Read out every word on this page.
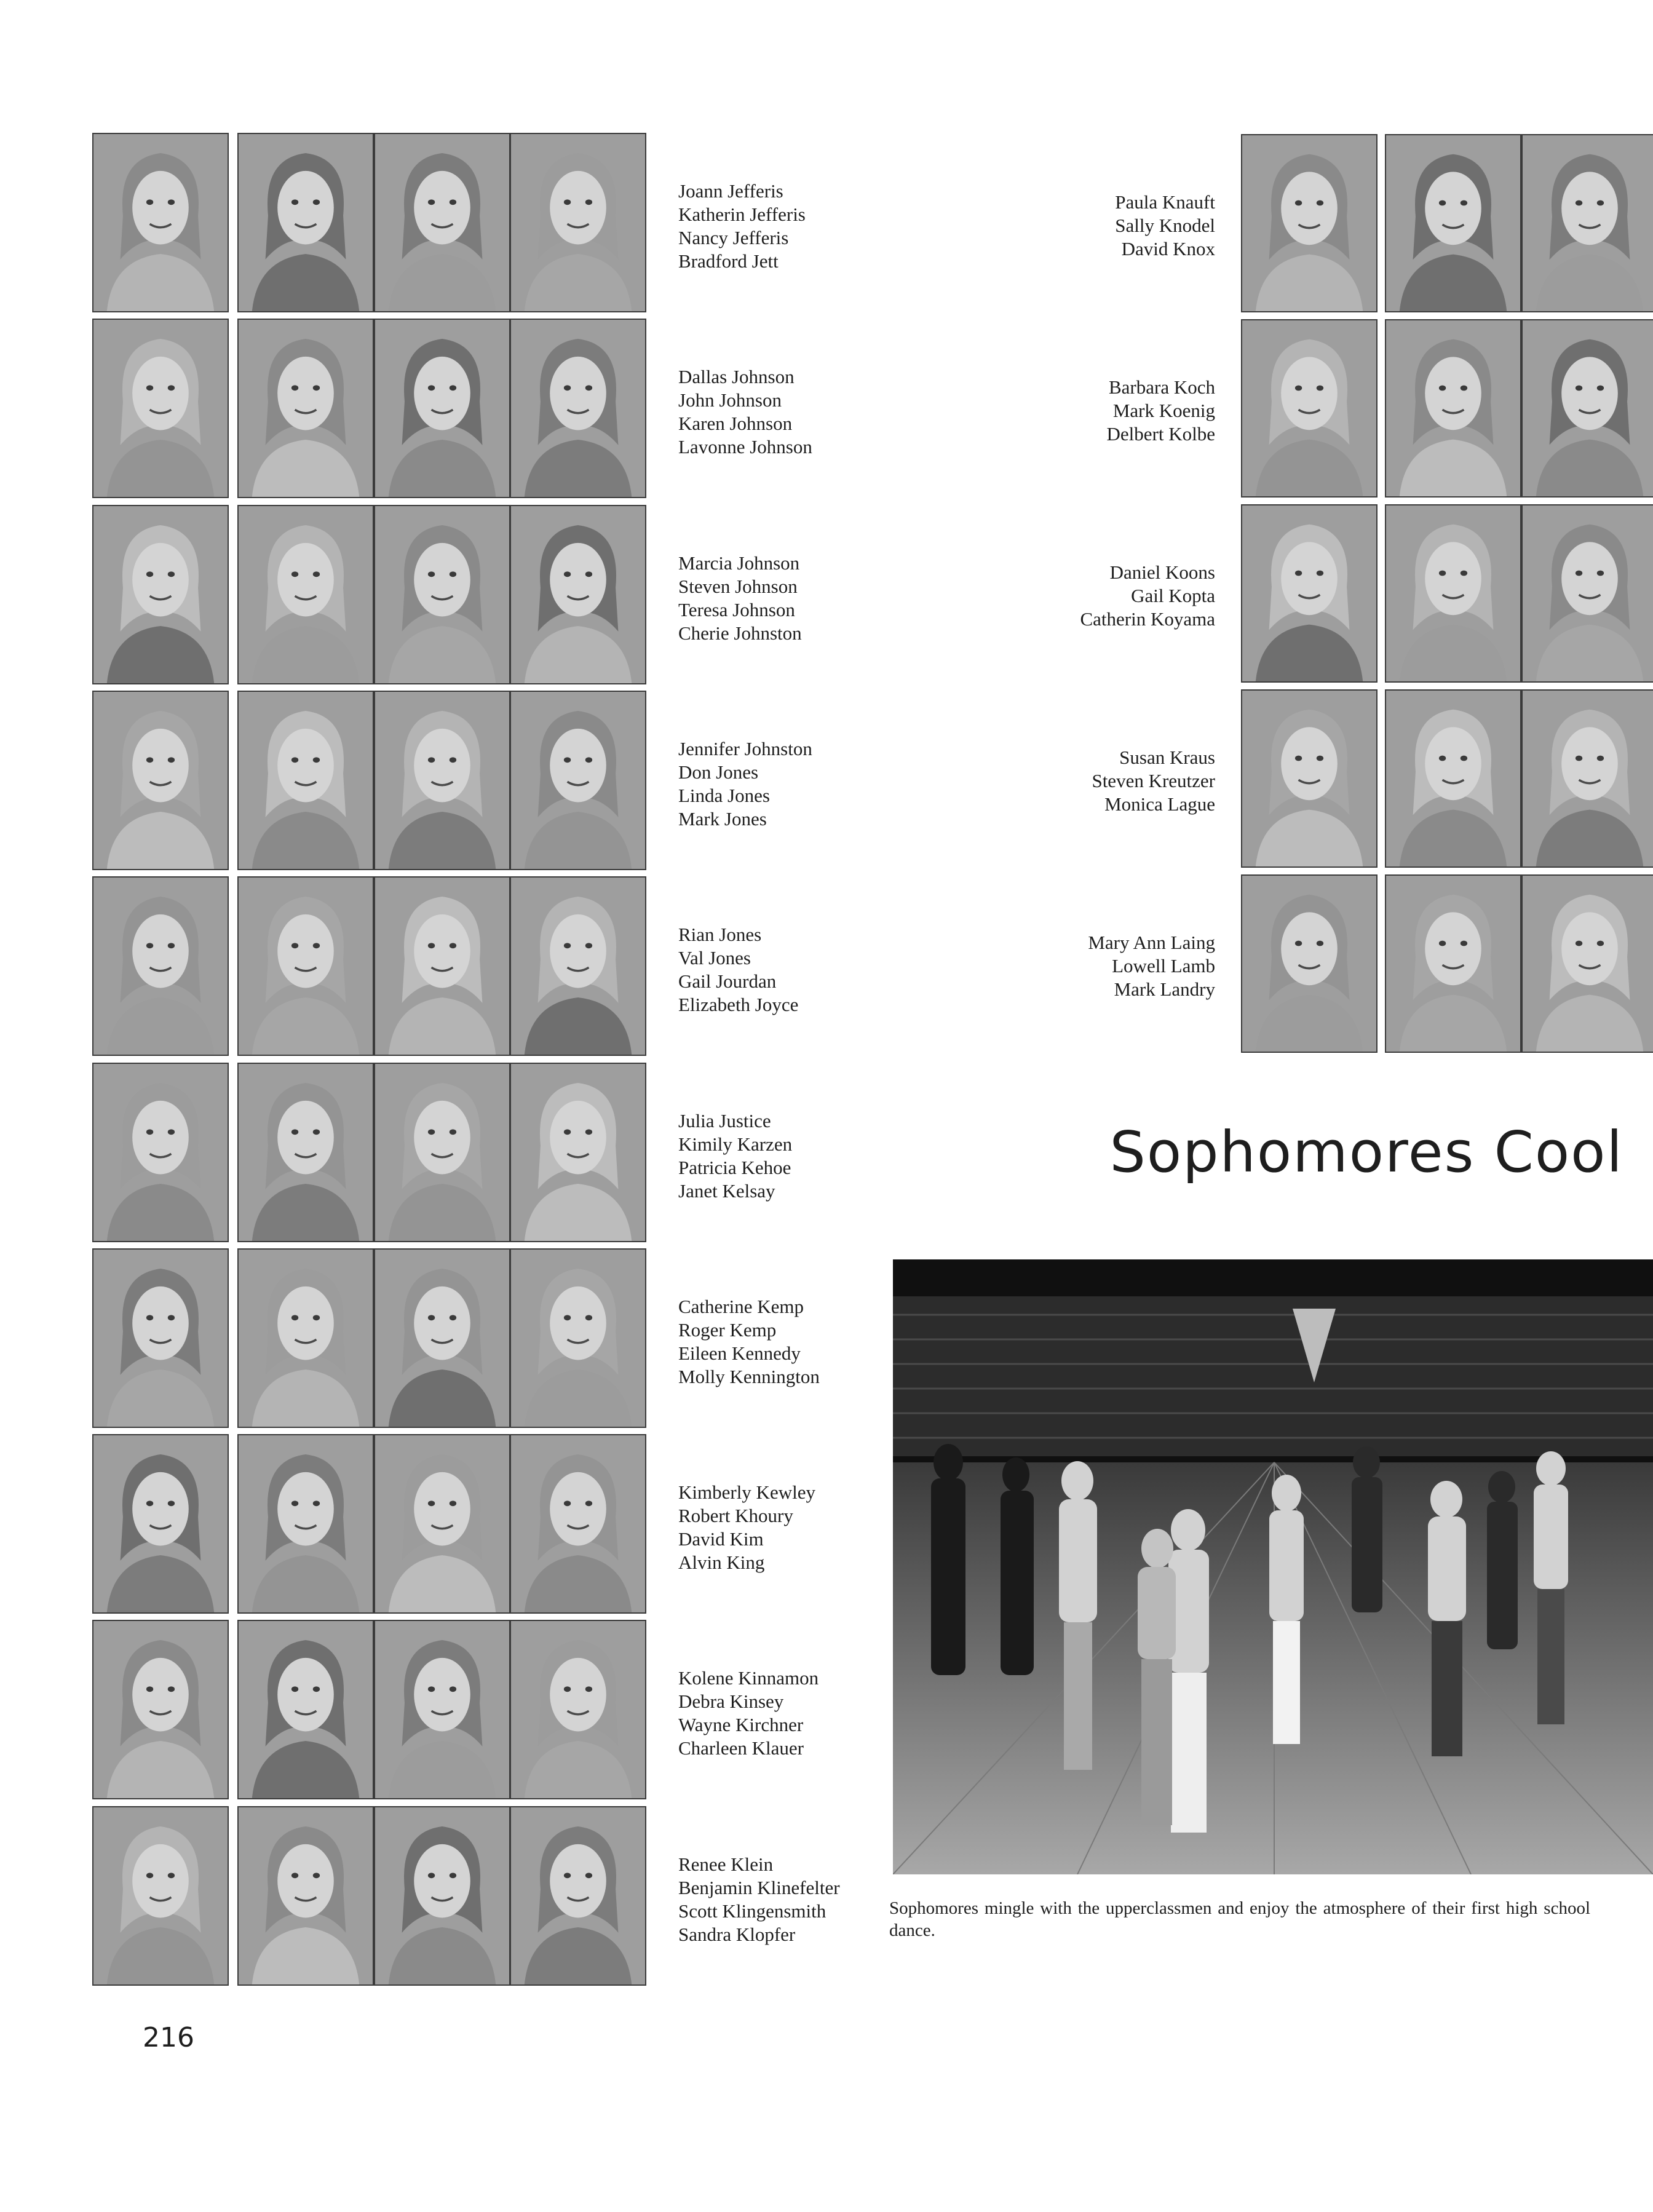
Joann Jefferis
Katherin Jefferis
Nancy Jefferis
Bradford Jett
Dallas Johnson
John Johnson
Karen Johnson
Lavonne Johnson
Marcia Johnson
Steven Johnson
Teresa Johnson
Cherie Johnston
Jennifer Johnston
Don Jones
Linda Jones
Mark Jones
Rian Jones
Val Jones
Gail Jourdan
Elizabeth Joyce
Julia Justice
Kimily Karzen
Patricia Kehoe
Janet Kelsay
Catherine Kemp
Roger Kemp
Eileen Kennedy
Molly Kennington
Kimberly Kewley
Robert Khoury
David Kim
Alvin King
Kolene Kinnamon
Debra Kinsey
Wayne Kirchner
Charleen Klauer
Renee Klein
Benjamin Klinefelter
Scott Klingensmith
Sandra Klopfer
Paula Knauft
Sally Knodel
David Knox
Barbara Koch
Mark Koenig
Delbert Kolbe
Daniel Koons
Gail Kopta
Catherin Koyama
Susan Kraus
Steven Kreutzer
Monica Lague
Mary Ann Laing
Lowell Lamb
Mark Landry
Sophomores Cool
Sophomores mingle with the upperclassmen and enjoy the atmosphere of their first high school dance.
216
